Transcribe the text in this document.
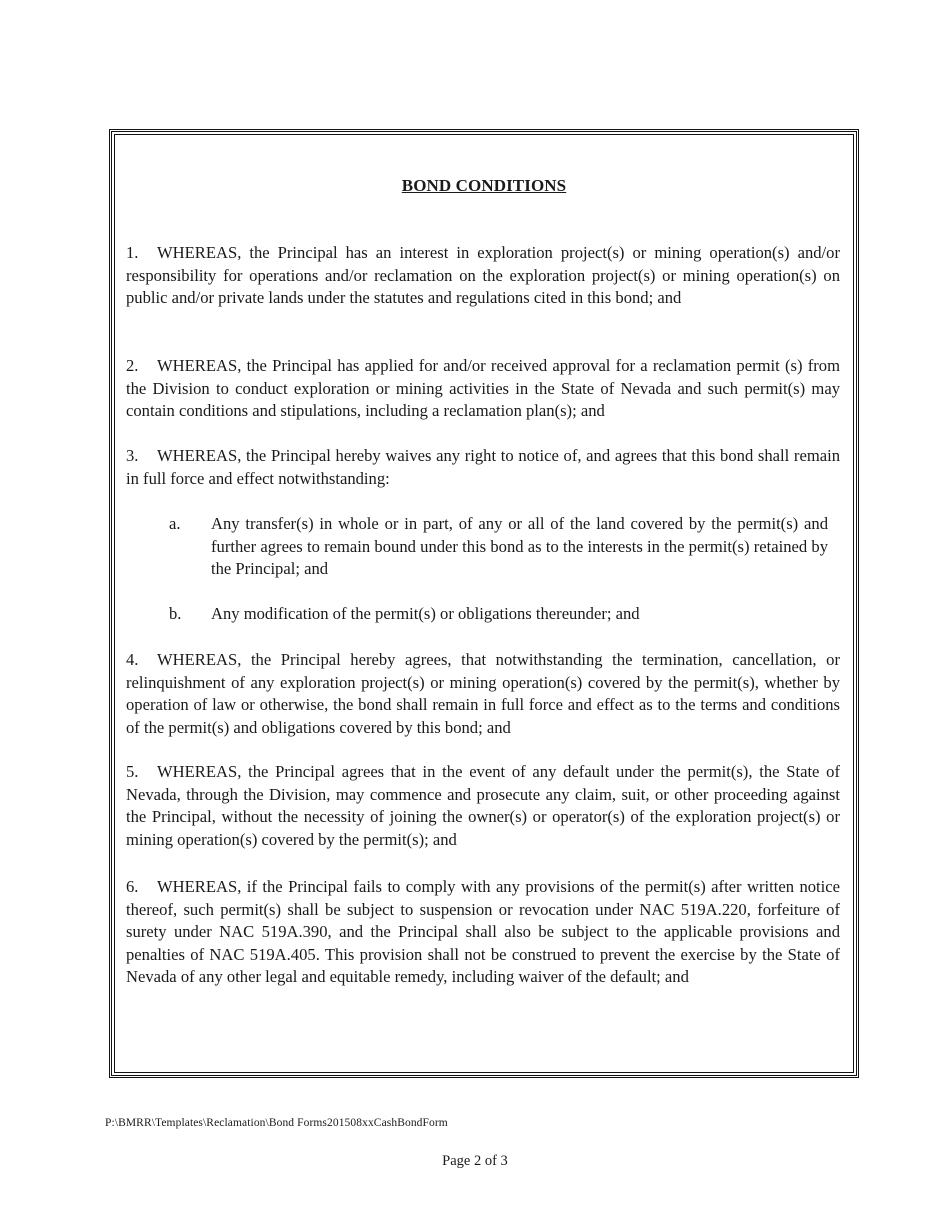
BOND CONDITIONS
1. WHEREAS, the Principal has an interest in exploration project(s) or mining operation(s) and/or responsibility for operations and/or reclamation on the exploration project(s) or mining operation(s) on public and/or private lands under the statutes and regulations cited in this bond; and
2. WHEREAS, the Principal has applied for and/or received approval for a reclamation permit (s) from the Division to conduct exploration or mining activities in the State of Nevada and such permit(s) may contain conditions and stipulations, including a reclamation plan(s); and
3. WHEREAS, the Principal hereby waives any right to notice of, and agrees that this bond shall remain in full force and effect notwithstanding:
a. Any transfer(s) in whole or in part, of any or all of the land covered by the permit(s) and further agrees to remain bound under this bond as to the interests in the permit(s) retained by the Principal; and
b. Any modification of the permit(s) or obligations thereunder; and
4. WHEREAS, the Principal hereby agrees, that notwithstanding the termination, cancellation, or relinquishment of any exploration project(s) or mining operation(s) covered by the permit(s), whether by operation of law or otherwise, the bond shall remain in full force and effect as to the terms and conditions of the permit(s) and obligations covered by this bond; and
5. WHEREAS, the Principal agrees that in the event of any default under the permit(s), the State of Nevada, through the Division, may commence and prosecute any claim, suit, or other proceeding against the Principal, without the necessity of joining the owner(s) or operator(s) of the exploration project(s) or mining operation(s) covered by the permit(s); and
6. WHEREAS, if the Principal fails to comply with any provisions of the permit(s) after written notice thereof, such permit(s) shall be subject to suspension or revocation under NAC 519A.220, forfeiture of surety under NAC 519A.390, and the Principal shall also be subject to the applicable provisions and penalties of NAC 519A.405. This provision shall not be construed to prevent the exercise by the State of Nevada of any other legal and equitable remedy, including waiver of the default; and
P:\BMRR\Templates\Reclamation\Bond Forms201508xxCashBondForm
Page 2 of 3
